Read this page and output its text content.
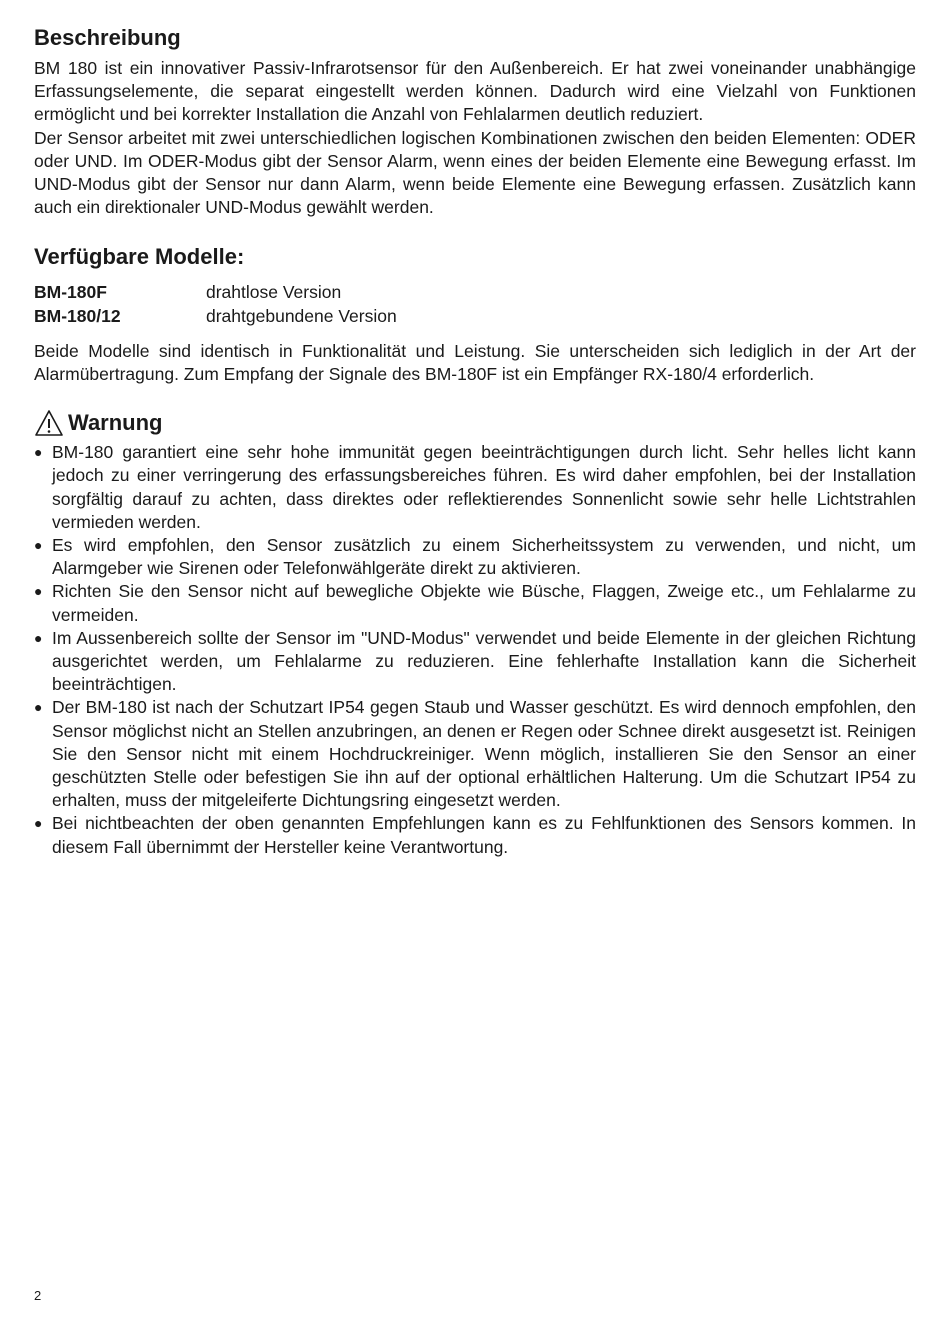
Beschreibung

BM 180 ist ein innovativer Passiv-Infrarotsensor für den Außenbereich. Er hat zwei voneinander unabhängige Erfassungselemente, die separat eingestellt werden können. Dadurch wird eine Vielzahl von Funktionen ermöglicht und bei korrekter Installation die Anzahl von Fehlalarmen deutlich reduziert.

Der Sensor arbeitet mit zwei unterschiedlichen logischen Kombinationen zwischen den beiden Elementen: ODER oder UND. Im ODER-Modus gibt der Sensor Alarm, wenn eines der beiden Elemente eine Bewegung erfasst. Im UND-Modus gibt der Sensor nur dann Alarm, wenn beide Elemente eine Bewegung erfassen. Zusätzlich kann auch ein direktionaler UND-Modus gewählt werden.

Verfügbare Modelle:
BM-180F	drahtlose Version
BM-180/12	drahtgebundene Version

Beide Modelle sind identisch in Funktionalität und Leistung. Sie unterscheiden sich lediglich in der Art der Alarmübertragung. Zum Empfang der Signale des BM-180F ist ein Empfänger RX-180/4 erforderlich.

Warnung
● BM-180 garantiert eine sehr hohe immunität gegen beeinträchtigungen durch licht. Sehr helles licht kann jedoch zu einer verringerung des erfassungsbereiches führen. Es wird daher empfohlen, bei der Installation sorgfältig darauf zu achten, dass direktes oder reflektierendes Sonnenlicht sowie sehr helle Lichtstrahlen vermieden werden.
● Es wird empfohlen, den Sensor zusätzlich zu einem Sicherheitssystem zu verwenden, und nicht, um Alarmgeber wie Sirenen oder Telefonwählgeräte direkt zu aktivieren.
● Richten Sie den Sensor nicht auf bewegliche Objekte wie Büsche, Flaggen, Zweige etc., um Fehlalarme zu vermeiden.
● Im Aussenbereich sollte der Sensor im "UND-Modus" verwendet und beide Elemente in der gleichen Richtung ausgerichtet werden, um Fehlalarme zu reduzieren. Eine fehlerhafte Installation kann die Sicherheit beeinträchtigen.
● Der BM-180 ist nach der Schutzart IP54 gegen Staub und Wasser geschützt. Es wird dennoch empfohlen, den Sensor möglichst nicht an Stellen anzubringen, an denen er Regen oder Schnee direkt ausgesetzt ist. Reinigen Sie den Sensor nicht mit einem Hochdruckreiniger. Wenn möglich, installieren Sie den Sensor an einer geschützten Stelle oder befestigen Sie ihn auf der optional erhältlichen Halterung. Um die Schutzart IP54 zu erhalten, muss der mitgeleiferte Dichtungsring eingesetzt werden.
● Bei nichtbeachten der oben genannten Empfehlungen kann es zu Fehlfunktionen des Sensors kommen. In diesem Fall übernimmt der Hersteller keine Verantwortung.
2
